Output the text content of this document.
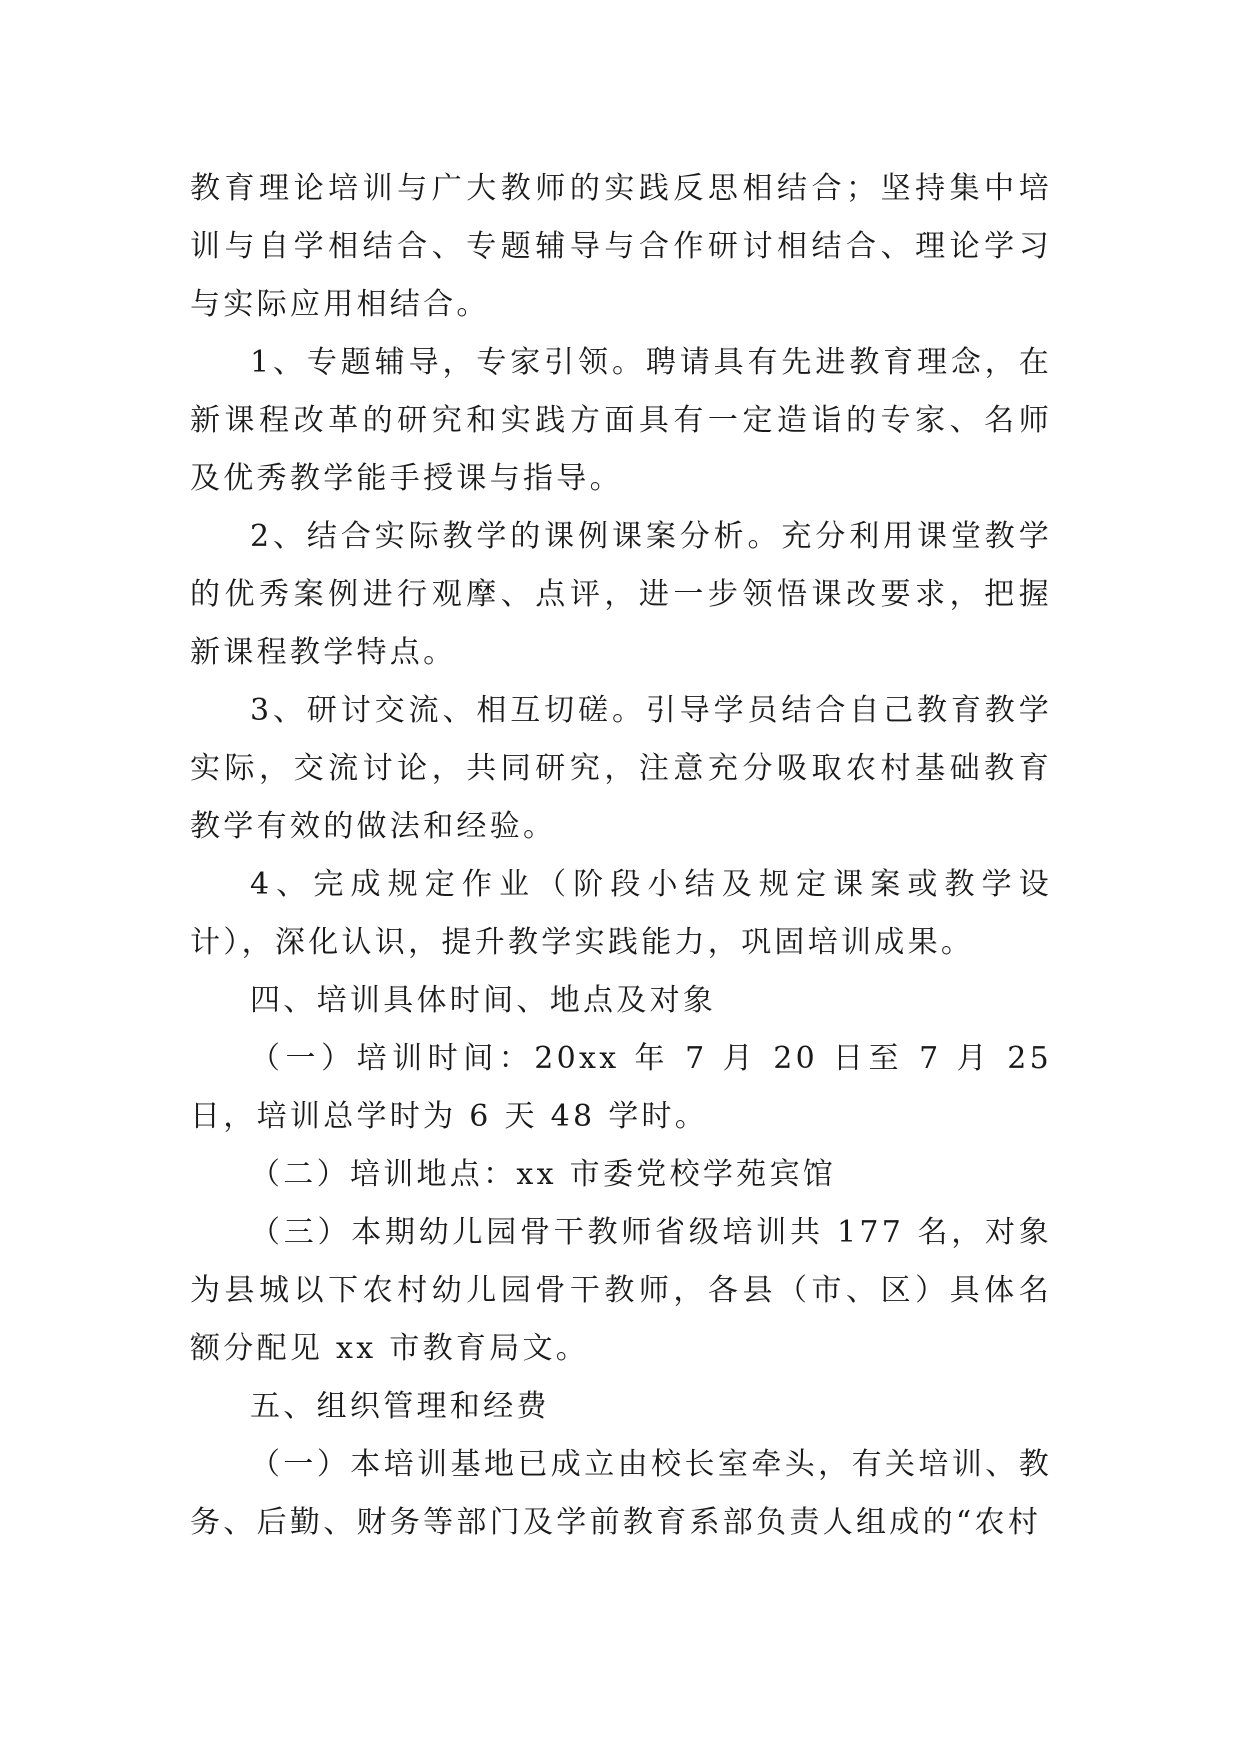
教育理论培训与广大教师的实践反思相结合；坚持集中培训与自学相结合、专题辅导与合作研讨相结合、理论学习与实际应用相结合。

1、专题辅导，专家引领。聘请具有先进教育理念，在新课程改革的研究和实践方面具有一定造诣的专家、名师及优秀教学能手授课与指导。

2、结合实际教学的课例课案分析。充分利用课堂教学的优秀案例进行观摩、点评，进一步领悟课改要求，把握新课程教学特点。

3、研讨交流、相互切磋。引导学员结合自己教育教学实际，交流讨论，共同研究，注意充分吸取农村基础教育教学有效的做法和经验。

4、完成规定作业（阶段小结及规定课案或教学设计），深化认识，提升教学实践能力，巩固培训成果。

四、培训具体时间、地点及对象

（一）培训时间：20xx 年 7 月 20 日至 7 月 25 日，培训总学时为 6 天 48 学时。

（二）培训地点：xx 市委党校学苑宾馆

（三）本期幼儿园骨干教师省级培训共 177 名，对象为县城以下农村幼儿园骨干教师，各县（市、区）具体名额分配见 xx 市教育局文。

五、组织管理和经费

（一）本培训基地已成立由校长室牵头，有关培训、教务、后勤、财务等部门及学前教育系部负责人组成的“农村
